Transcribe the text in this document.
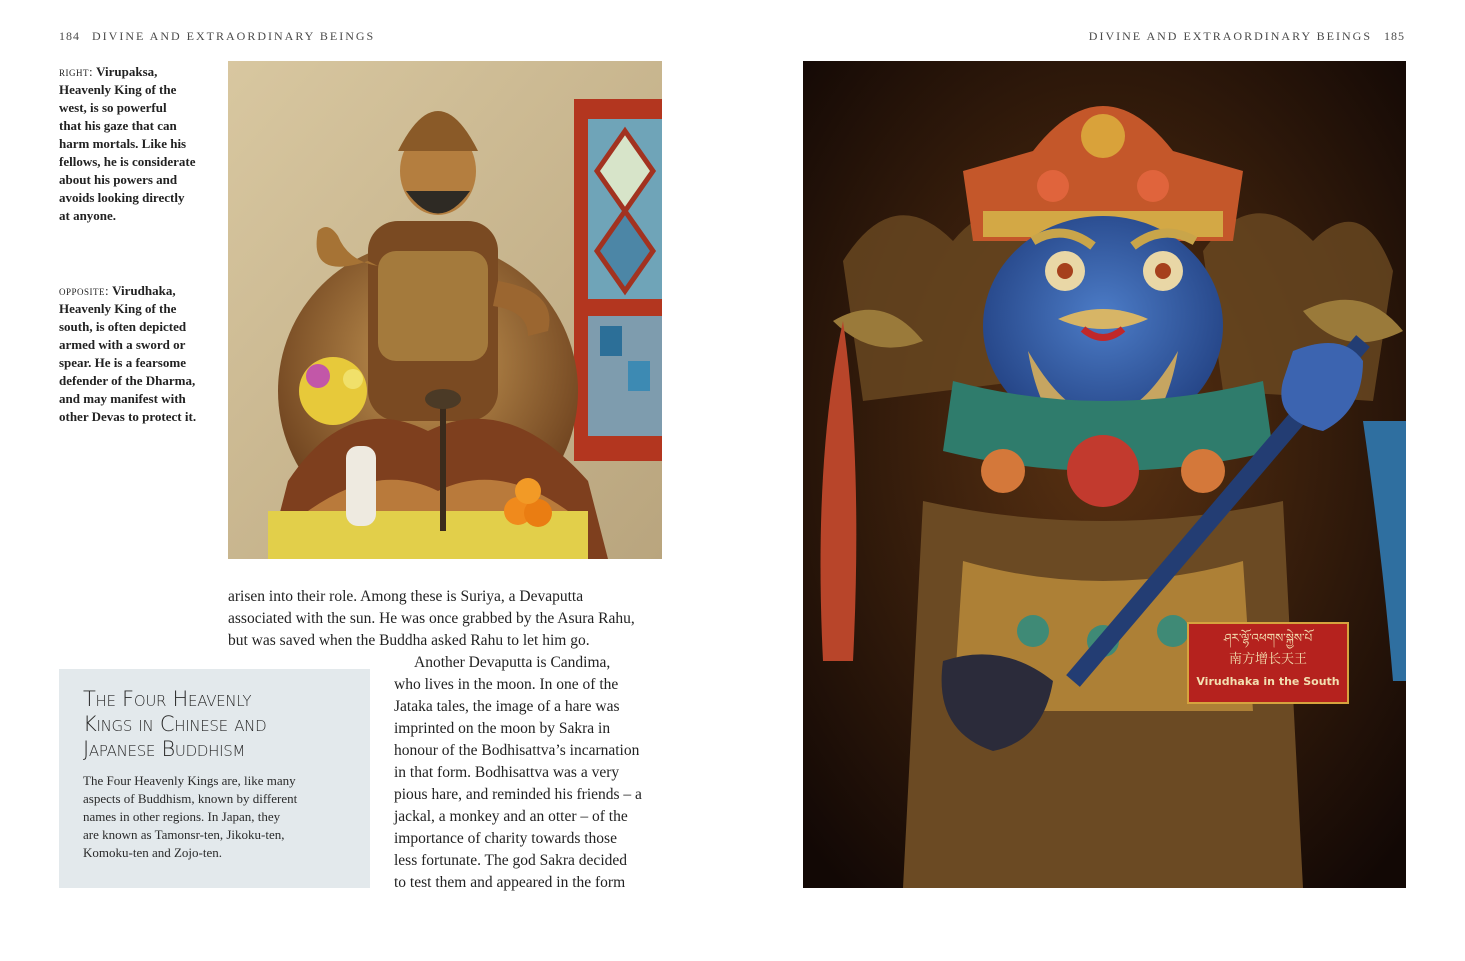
184 DIVINE AND EXTRAORDINARY BEINGS
right: Virupaksa,
Heavenly King of the
west, is so powerful
that his gaze that can
harm mortals. Like his
fellows, he is considerate
about his powers and
avoids looking directly
at anyone.
opposite: Virudhaka,
Heavenly King of the
south, is often depicted
armed with a sword or
spear. He is a fearsome
defender of the Dharma,
and may manifest with
other Devas to protect it.
arisen into their role. Among these is Suriya, a Devaputta
associated with the sun. He was once grabbed by the Asura Rahu,
but was saved when the Buddha asked Rahu to let him go.
The Four Heavenly
Kings in Chinese and
Japanese Buddhism
The Four Heavenly Kings are, like many
aspects of Buddhism, known by different
names in other regions. In Japan, they
are known as Tamonsr-ten, Jikoku-ten,
Komoku-ten and Zojo-ten.
Another Devaputta is Candima,
who lives in the moon. In one of the
Jataka tales, the image of a hare was
imprinted on the moon by Sakra in
honour of the Bodhisattva’s incarnation
in that form. Bodhisattva was a very
pious hare, and reminded his friends – a
jackal, a monkey and an otter – of the
importance of charity towards those
less fortunate. The god Sakra decided
to test them and appeared in the form
DIVINE AND EXTRAORDINARY BEINGS 185
ཤར་ལྷོ་འཕགས་སྐྱེས་པོ
南方增长天王
Virudhaka in the South
